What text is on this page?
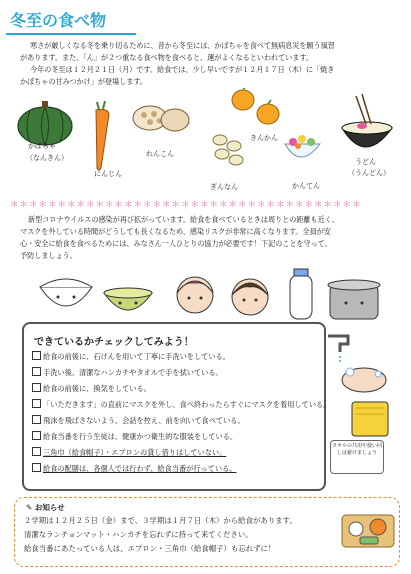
冬至の食べ物
寒さが厳しくなる冬を乗り切るために、昔から冬至には、かぼちゃを食べて無病息災を願う風習
があります。また、「ん」が２つ重なる食べ物を食べると、運がよくなるといわれています。
今年の冬至は１２月２１日（月）です。給食では、少し早いですが１２月１７日（木）に「焼き
かぼちゃの甘みつかけ」が登場します。
かぼちゃ
（なんきん）
にんじん
れんこん
きんかん
ぎんなん	かんてん
うどん
（うんどん）
＊＊＊＊＊＊＊＊＊＊＊＊＊＊＊＊＊＊＊＊＊＊＊＊＊＊＊＊＊＊＊＊＊＊＊＊＊
新型コロナウイルスの感染が再び拡がっています。給食を食べているときは周りとの距離も近く、
マスクを外している時間がどうしても長くなるため、感染リスクが非常に高くなります。全員が安
心・安全に給食を食べるためには、みなさん一人ひとりの協力が必要です！下記のことを守って、
予防しましょう。
できているかチェックしてみよう！
給食の前後に、石けんを用いて丁寧に手洗いをしている。
手洗い後、清潔なハンカチやタオルで手を拭いている。
給食の前後に、換気をしている。
「いただきます」の直前にマスクを外し、食べ終わったらすぐにマスクを着用している。
飛沫を飛ばさないよう、会話を控え、前を向いて食べている。
給食当番を行う生徒は、健康かつ衛生的な服装をしている。
三角巾（給食帽子）・エプロンの貸し借りはしていない。
給食の配膳は、各個人では行わず、給食当番が行っている。
タオルの共用や使い回しは避けましょう
✎ お知らせ
２学期は１２月２５日（金）まで、３学期は１月７日（木）から給食があります。
清潔なランチョンマット・ハンカチを忘れずに持って来てください。
給食当番にあたっている人は、エプロン・三角巾（給食帽子）も忘れずに！
